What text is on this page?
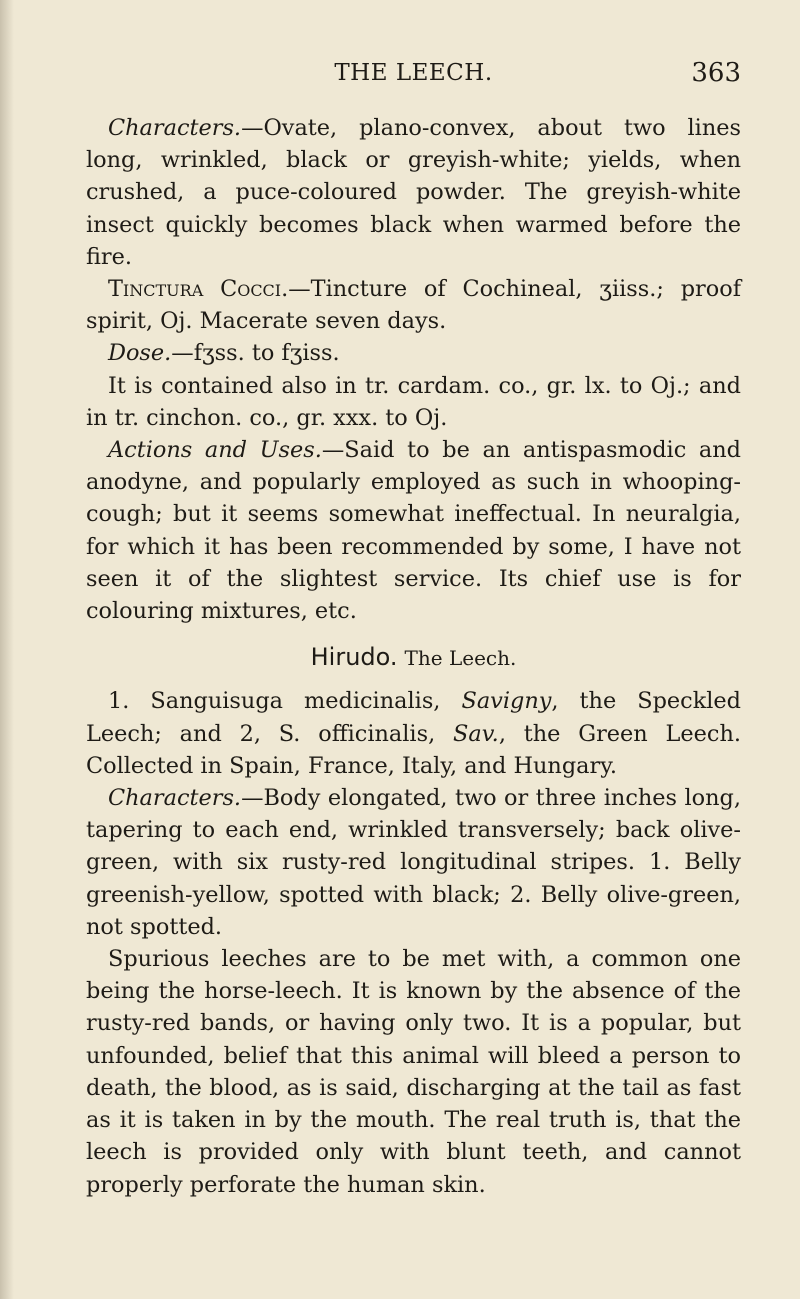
THE LEECH.	363

Characters.—Ovate, plano-convex, about two lines long, wrinkled, black or greyish-white; yields, when crushed, a puce-coloured powder. The greyish-white insect quickly becomes black when warmed before the fire.

Tinctura Cocci.—Tincture of Cochineal, ʒiiss.; proof spirit, Oj. Macerate seven days.

Dose.—fʒss. to fʒiss.

It is contained also in tr. cardam. co., gr. lx. to Oj.; and in tr. cinchon. co., gr. xxx. to Oj.

Actions and Uses.—Said to be an antispasmodic and anodyne, and popularly employed as such in whooping-cough; but it seems somewhat ineffectual. In neuralgia, for which it has been recommended by some, I have not seen it of the slightest service. Its chief use is for colouring mixtures, etc.

Hirudo. The Leech.

1. Sanguisuga medicinalis, Savigny, the Speckled Leech; and 2, S. officinalis, Sav., the Green Leech. Collected in Spain, France, Italy, and Hungary.

Characters.—Body elongated, two or three inches long, tapering to each end, wrinkled transversely; back olive-green, with six rusty-red longitudinal stripes. 1. Belly greenish-yellow, spotted with black; 2. Belly olive-green, not spotted.

Spurious leeches are to be met with, a common one being the horse-leech. It is known by the absence of the rusty-red bands, or having only two. It is a popular, but unfounded, belief that this animal will bleed a person to death, the blood, as is said, discharging at the tail as fast as it is taken in by the mouth. The real truth is, that the leech is provided only with blunt teeth, and cannot properly perforate the human skin.
